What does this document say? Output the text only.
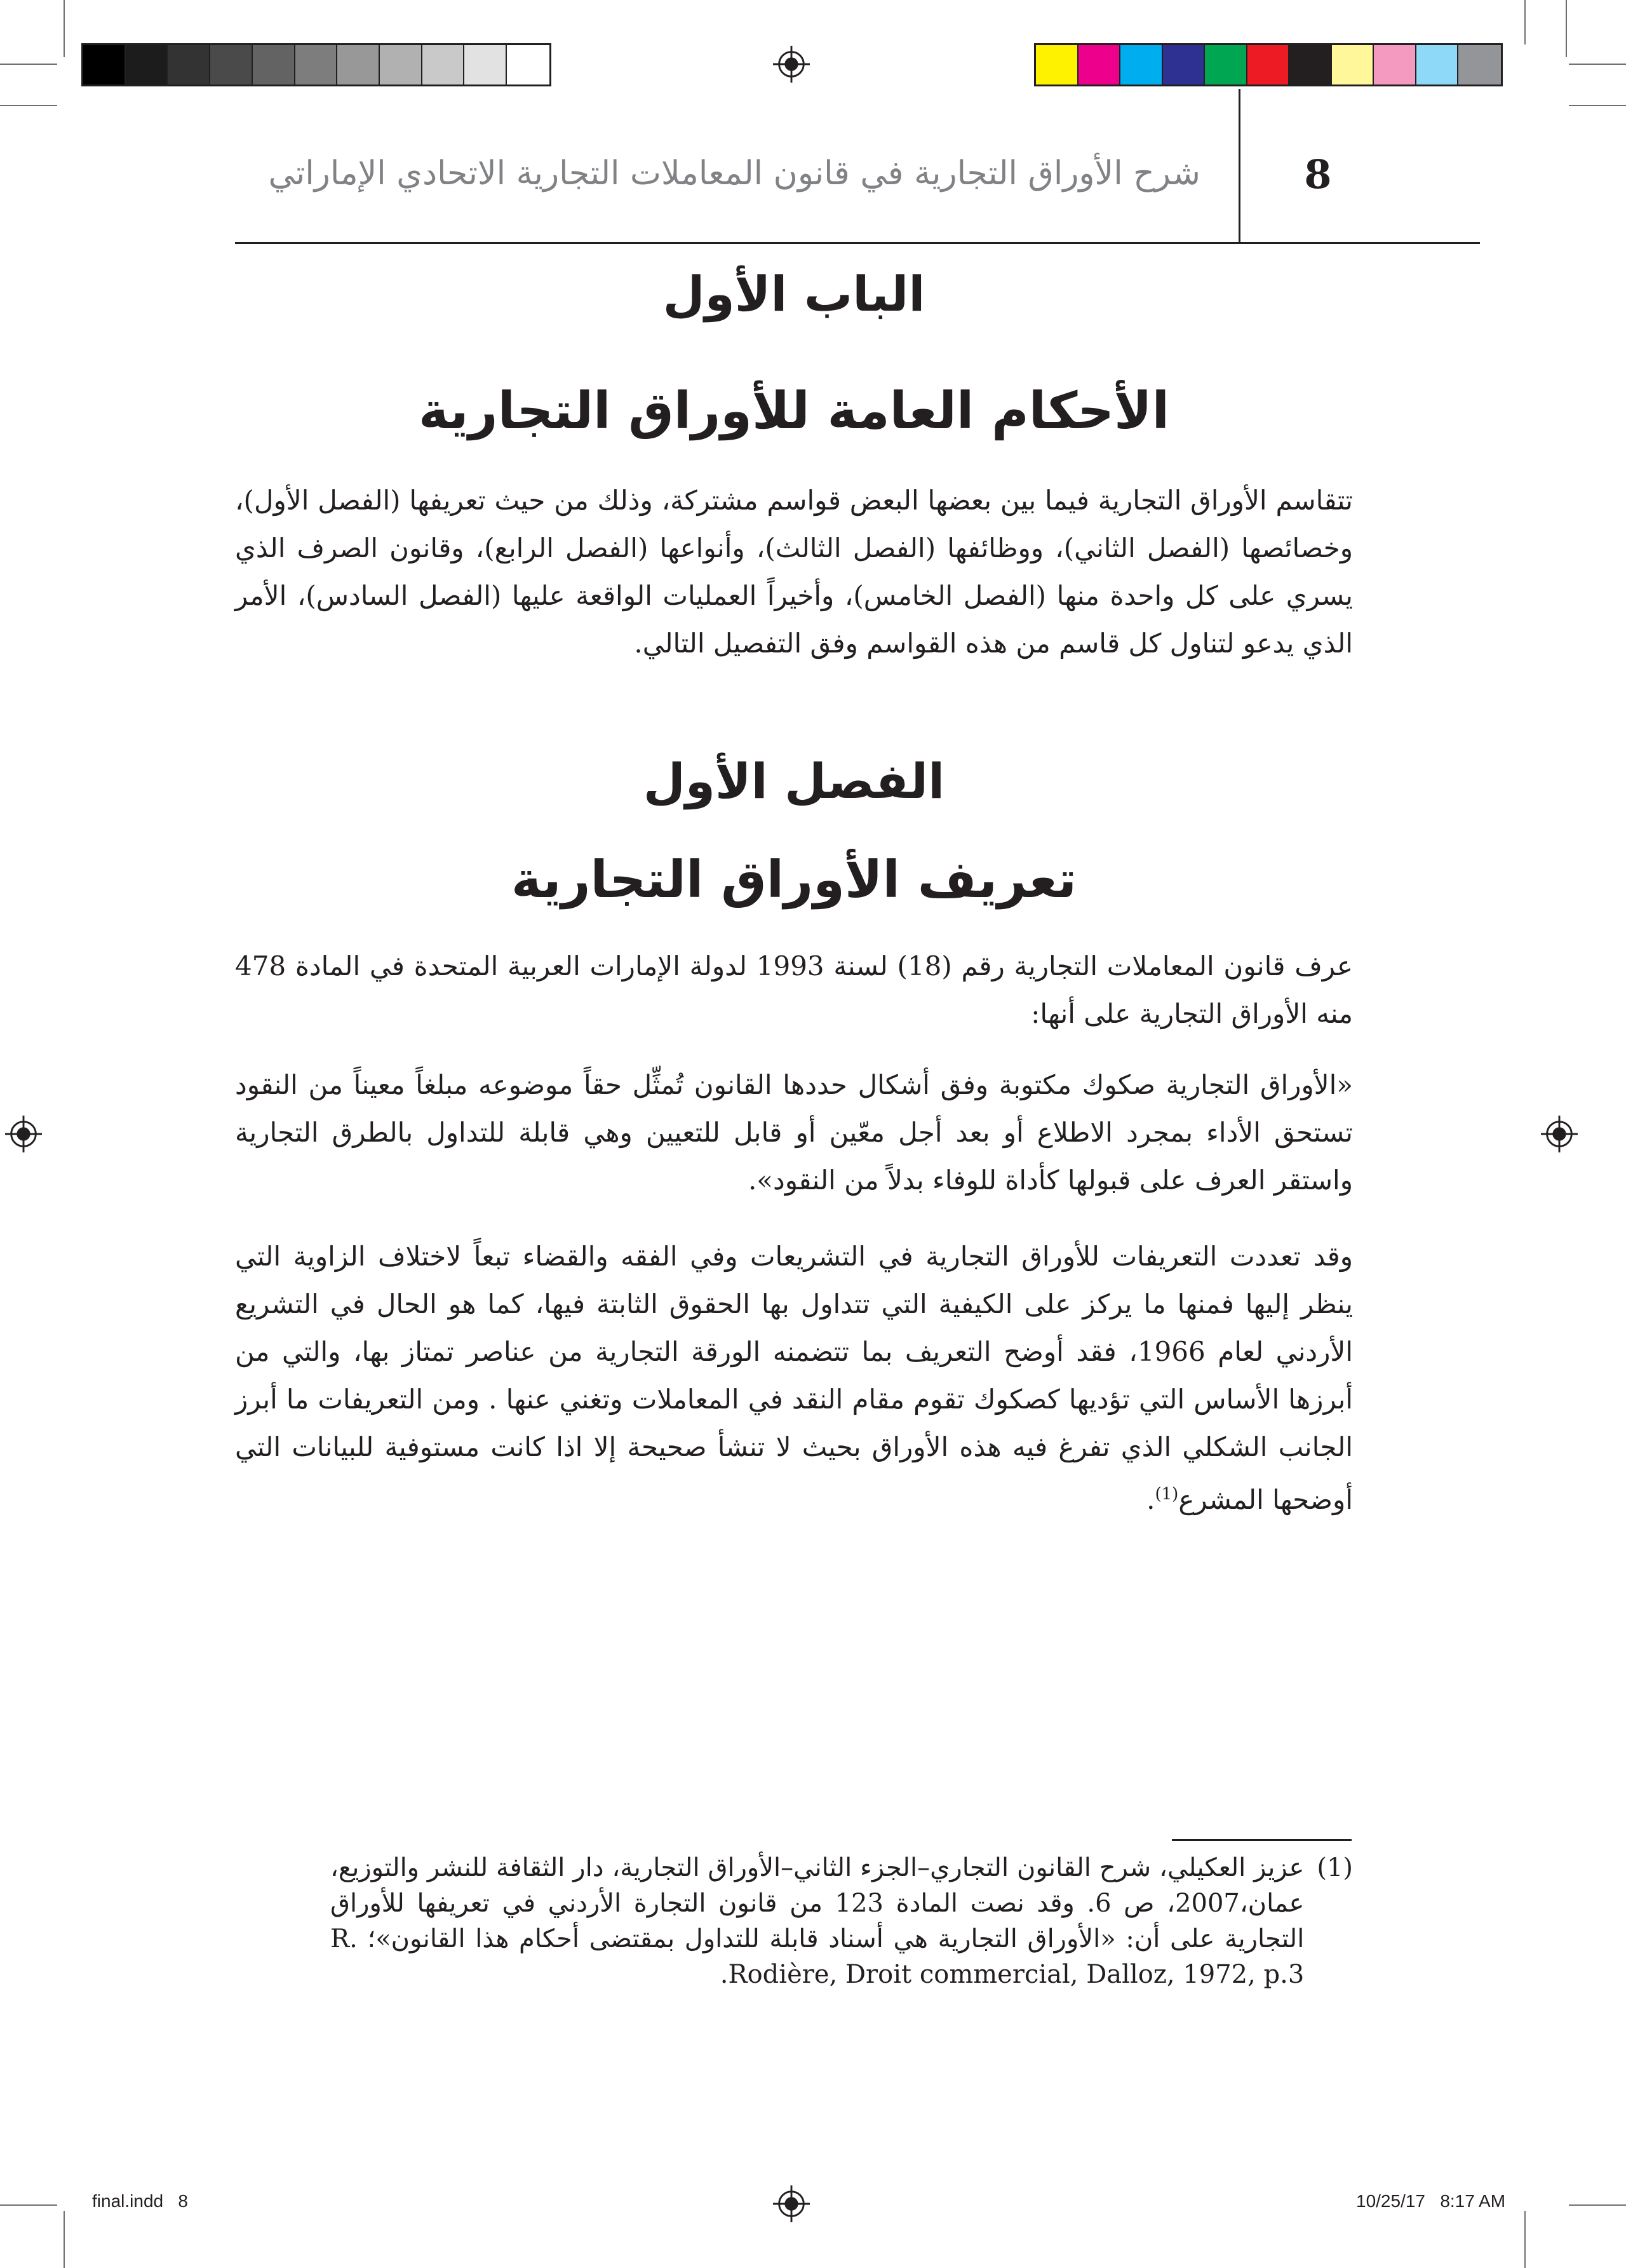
8
شرح الأوراق التجارية في قانون المعاملات التجارية الاتحادي الإماراتي
الباب الأول
الأحكام العامة للأوراق التجارية
تتقاسم الأوراق التجارية فيما بين بعضها البعض قواسم مشتركة، وذلك من حيث تعريفها (الفصل الأول)، وخصائصها (الفصل الثاني)، ووظائفها (الفصل الثالث)، وأنواعها (الفصل الرابع)، وقانون الصرف الذي يسري على كل واحدة منها (الفصل الخامس)، وأخيراً العمليات الواقعة عليها (الفصل السادس)، الأمر الذي يدعو لتناول كل قاسم من هذه القواسم وفق التفصيل التالي.
الفصل الأول
تعريف الأوراق التجارية
عرف قانون المعاملات التجارية رقم (18) لسنة 1993 لدولة الإمارات العربية المتحدة في المادة 478 منه الأوراق التجارية على أنها:
«الأوراق التجارية صكوك مكتوبة وفق أشكال حددها القانون تُمثِّل حقاً موضوعه مبلغاً معيناً من النقود تستحق الأداء بمجرد الاطلاع أو بعد أجل معّين أو قابل للتعيين وهي قابلة للتداول بالطرق التجارية واستقر العرف على قبولها كأداة للوفاء بدلاً من النقود».
وقد تعددت التعريفات للأوراق التجارية في التشريعات وفي الفقه والقضاء تبعاً لاختلاف الزاوية التي ينظر إليها فمنها ما يركز على الكيفية التي تتداول بها الحقوق الثابتة فيها، كما هو الحال في التشريع الأردني لعام 1966، فقد أوضح التعريف بما تتضمنه الورقة التجارية من عناصر تمتاز بها، والتي من أبرزها الأساس التي تؤديها كصكوك تقوم مقام النقد في المعاملات وتغني عنها . ومن التعريفات ما أبرز الجانب الشكلي الذي تفرغ فيه هذه الأوراق بحيث لا تنشأ صحيحة إلا اذا كانت مستوفية للبيانات التي أوضحها المشرع$^{(1)}$.
(1)
عزيز العكيلي، شرح القانون التجاري–الجزء الثاني–الأوراق التجارية، دار الثقافة للنشر والتوزيع، عمان،2007، ص 6. وقد نصت المادة 123 من قانون التجارة الأردني في تعريفها للأوراق التجارية على أن: «الأوراق التجارية هي أسناد قابلة للتداول بمقتضى أحكام هذا القانون»؛ R. Rodière, Droit commercial, Dalloz, 1972, p.3.
final.indd   8	10/25/17   8:17 AM
